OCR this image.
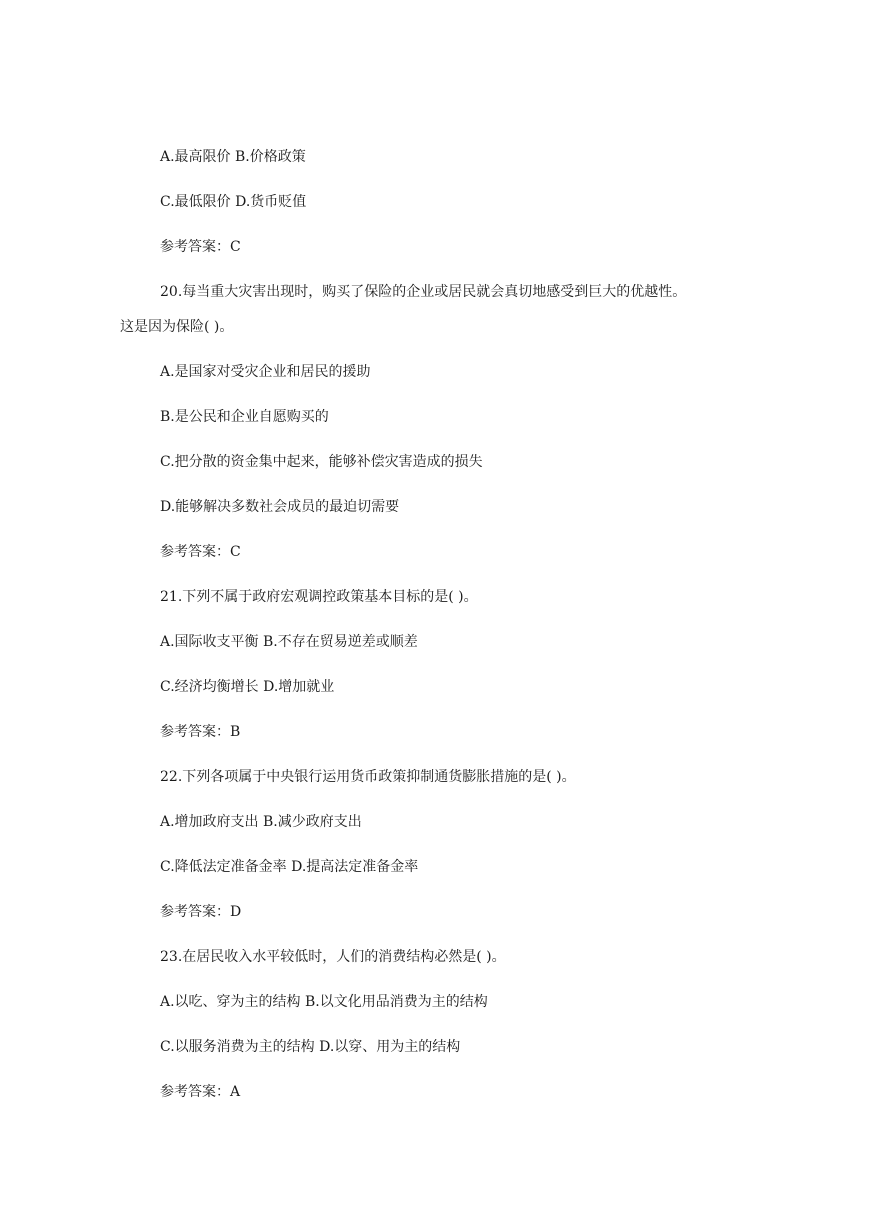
A.最高限价 B.价格政策
C.最低限价 D.货币贬值
参考答案：C
20.每当重大灾害出现时，购买了保险的企业或居民就会真切地感受到巨大的优越性。
这是因为保险( )。
A.是国家对受灾企业和居民的援助
B.是公民和企业自愿购买的
C.把分散的资金集中起来，能够补偿灾害造成的损失
D.能够解决多数社会成员的最迫切需要
参考答案：C
21.下列不属于政府宏观调控政策基本目标的是( )。
A.国际收支平衡 B.不存在贸易逆差或顺差
C.经济均衡增长 D.增加就业
参考答案：B
22.下列各项属于中央银行运用货币政策抑制通货膨胀措施的是( )。
A.增加政府支出 B.减少政府支出
C.降低法定准备金率 D.提高法定准备金率
参考答案：D
23.在居民收入水平较低时，人们的消费结构必然是( )。
A.以吃、穿为主的结构 B.以文化用品消费为主的结构
C.以服务消费为主的结构 D.以穿、用为主的结构
参考答案：A
